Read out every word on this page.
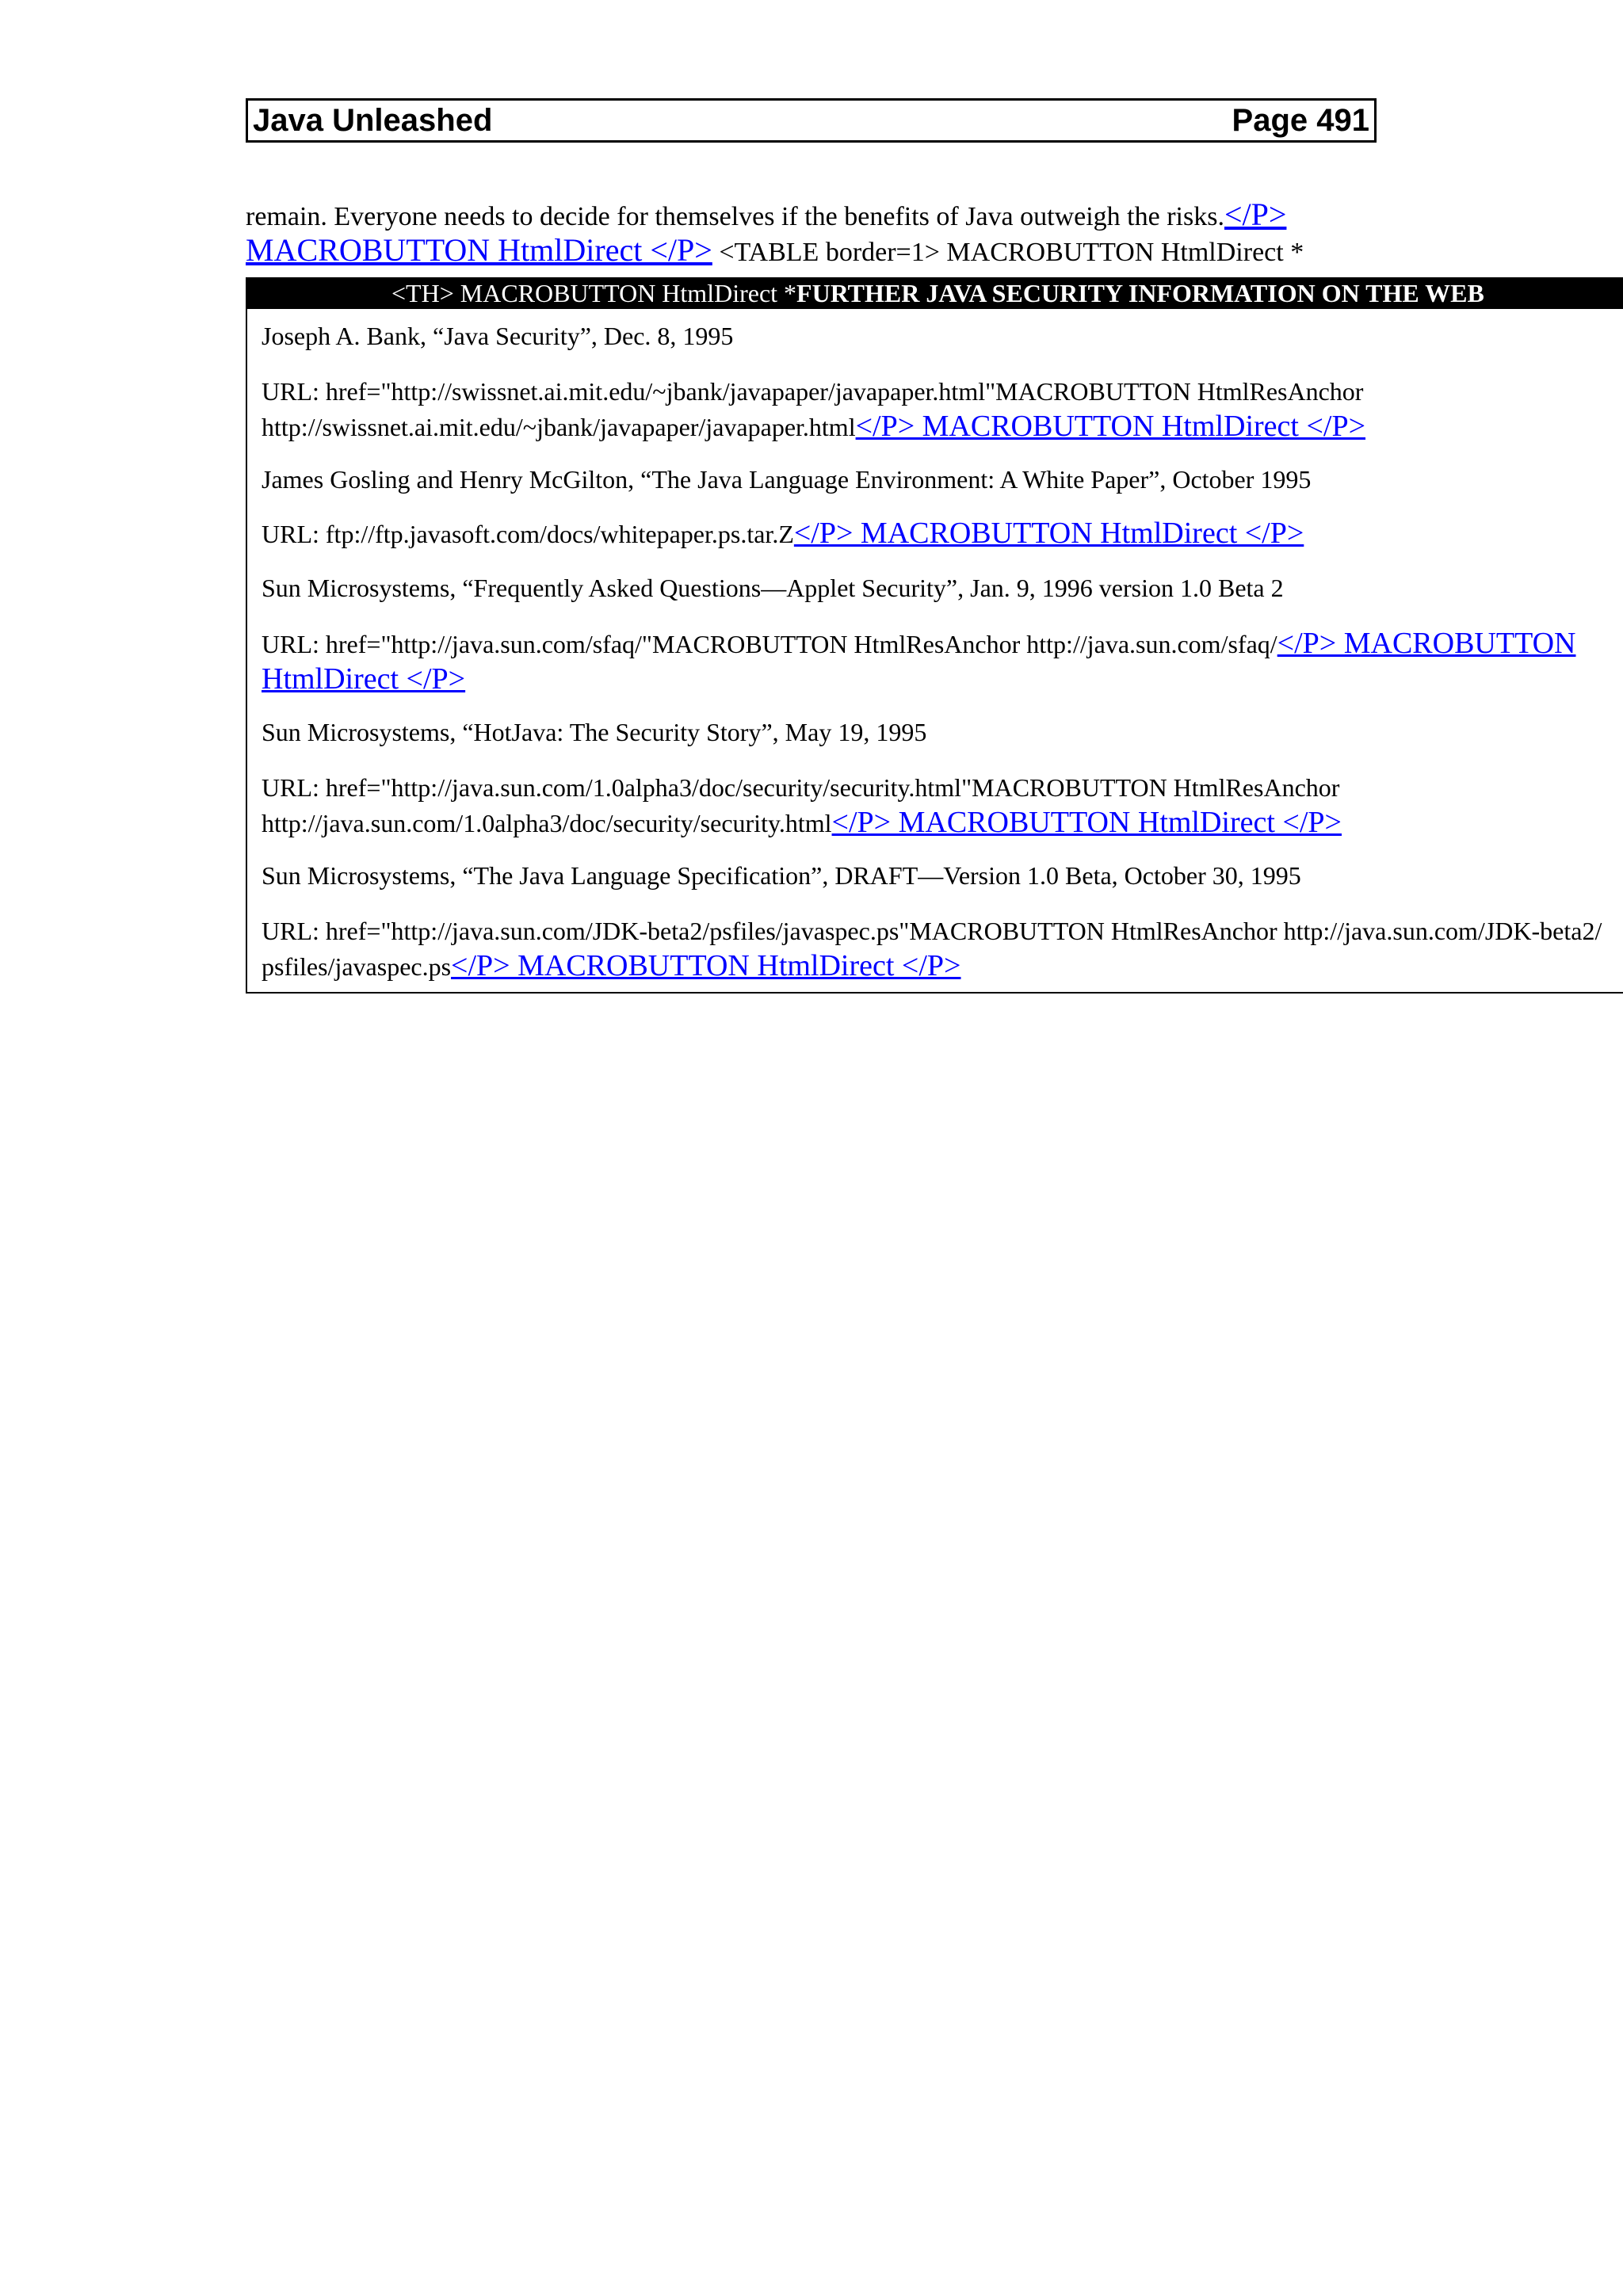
Java Unleashed	Page 491
remain. Everyone needs to decide for themselves if the benefits of Java outweigh the risks.</P>
MACROBUTTON HtmlDirect </P> <TABLE border=1> MACROBUTTON HtmlDirect *
<TH> MACROBUTTON HtmlDirect *FURTHER JAVA SECURITY INFORMATION ON THE WEB
Joseph A. Bank, “Java Security”, Dec. 8, 1995
URL: href="http://swissnet.ai.mit.edu/~jbank/javapaper/javapaper.html"MACROBUTTON HtmlResAnchor
http://swissnet.ai.mit.edu/~jbank/javapaper/javapaper.html</P> MACROBUTTON HtmlDirect </P>
James Gosling and Henry McGilton, “The Java Language Environment: A White Paper”, October 1995
URL: ftp://ftp.javasoft.com/docs/whitepaper.ps.tar.Z</P> MACROBUTTON HtmlDirect </P>
Sun Microsystems, “Frequently Asked Questions—Applet Security”, Jan. 9, 1996 version 1.0 Beta 2
URL: href="http://java.sun.com/sfaq/"MACROBUTTON HtmlResAnchor http://java.sun.com/sfaq/</P> MACROBUTTON
HtmlDirect </P>
Sun Microsystems, “HotJava: The Security Story”, May 19, 1995
URL: href="http://java.sun.com/1.0alpha3/doc/security/security.html"MACROBUTTON HtmlResAnchor
http://java.sun.com/1.0alpha3/doc/security/security.html</P> MACROBUTTON HtmlDirect </P>
Sun Microsystems, “The Java Language Specification”, DRAFT—Version 1.0 Beta, October 30, 1995
URL: href="http://java.sun.com/JDK-beta2/psfiles/javaspec.ps"MACROBUTTON HtmlResAnchor http://java.sun.com/JDK-beta2/
psfiles/javaspec.ps</P> MACROBUTTON HtmlDirect </P>
